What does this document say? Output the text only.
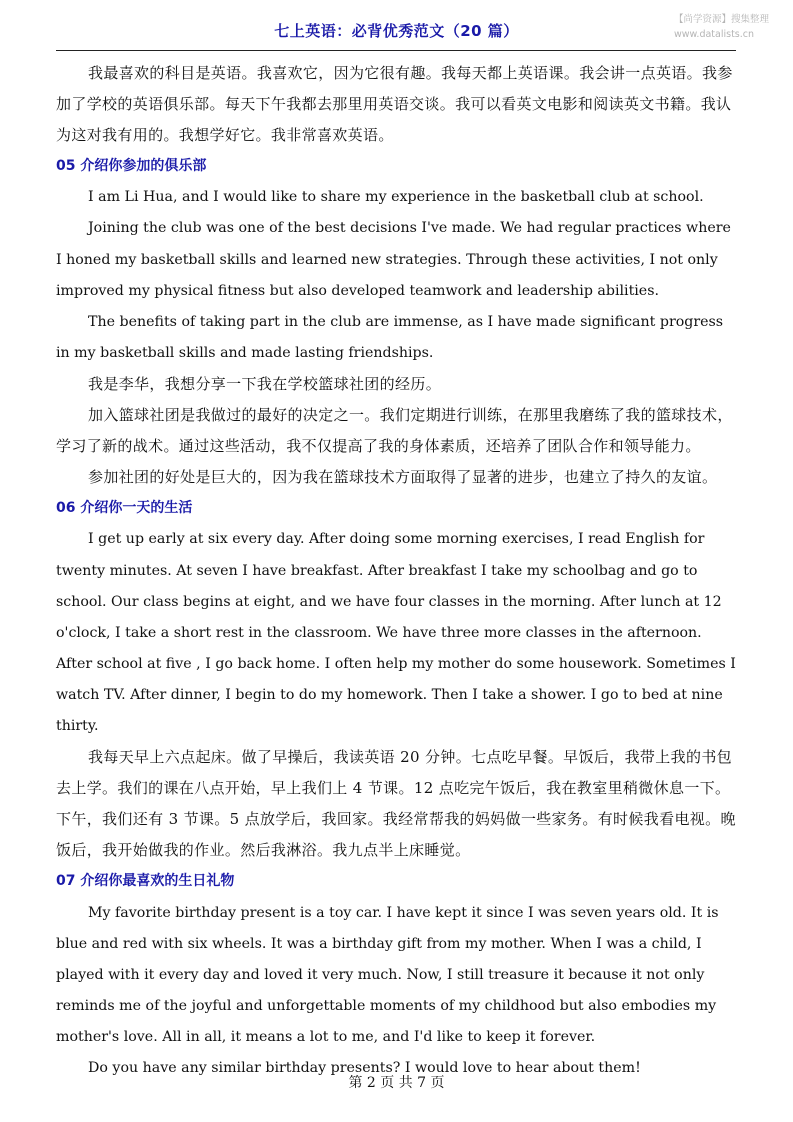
七上英语：必背优秀范文（20 篇）
【尚学资源】搜集整理
www.datalists.cn

我最喜欢的科目是英语。我喜欢它，因为它很有趣。我每天都上英语课。我会讲一点英语。我参加了学校的英语俱乐部。每天下午我都去那里用英语交谈。我可以看英文电影和阅读英文书籍。我认为这对我有用的。我想学好它。我非常喜欢英语。

05 介绍你参加的俱乐部

I am Li Hua, and I would like to share my experience in the basketball club at school.

Joining the club was one of the best decisions I've made. We had regular practices where I honed my basketball skills and learned new strategies. Through these activities, I not only improved my physical fitness but also developed teamwork and leadership abilities.

The benefits of taking part in the club are immense, as I have made significant progress in my basketball skills and made lasting friendships.

我是李华，我想分享一下我在学校篮球社团的经历。

加入篮球社团是我做过的最好的决定之一。我们定期进行训练，在那里我磨练了我的篮球技术，学习了新的战术。通过这些活动，我不仅提高了我的身体素质，还培养了团队合作和领导能力。

参加社团的好处是巨大的，因为我在篮球技术方面取得了显著的进步，也建立了持久的友谊。

06 介绍你一天的生活

I get up early at six every day. After doing some morning exercises, I read English for twenty minutes. At seven I have breakfast. After breakfast I take my schoolbag and go to school. Our class begins at eight, and we have four classes in the morning. After lunch at 12 o'clock, I take a short rest in the classroom. We have three more classes in the afternoon. After school at five , I go back home. I often help my mother do some housework. Sometimes I watch TV. After dinner, I begin to do my homework. Then I take a shower. I go to bed at nine thirty.

我每天早上六点起床。做了早操后，我读英语 20 分钟。七点吃早餐。早饭后，我带上我的书包去上学。我们的课在八点开始，早上我们上 4 节课。12 点吃完午饭后，我在教室里稍微休息一下。下午，我们还有 3 节课。5 点放学后，我回家。我经常帮我的妈妈做一些家务。有时候我看电视。晚饭后，我开始做我的作业。然后我淋浴。我九点半上床睡觉。

07 介绍你最喜欢的生日礼物

My favorite birthday present is a toy car. I have kept it since I was seven years old. It is blue and red with six wheels. It was a birthday gift from my mother. When I was a child, I played with it every day and loved it very much. Now, I still treasure it because it not only reminds me of the joyful and unforgettable moments of my childhood but also embodies my mother's love. All in all, it means a lot to me, and I'd like to keep it forever.

Do you have any similar birthday presents? I would love to hear about them!

第 2 页 共 7 页
